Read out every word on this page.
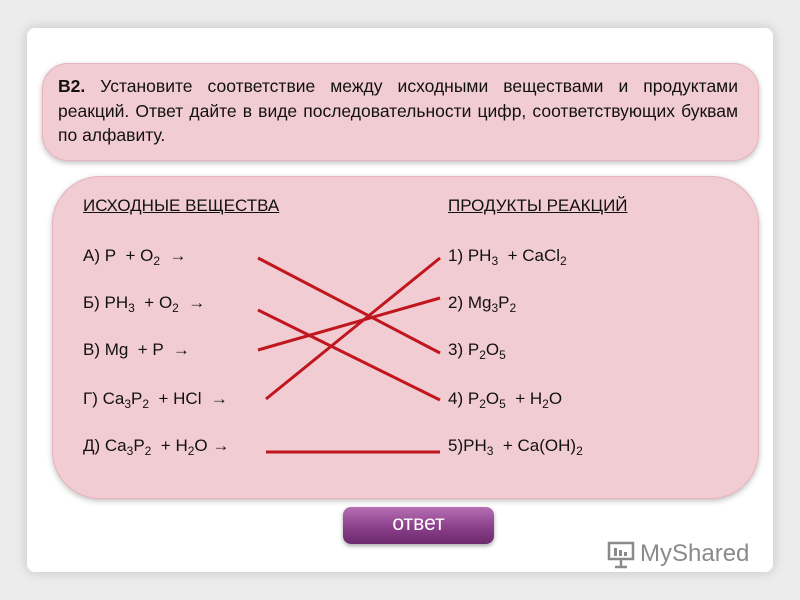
В2. Установите соответствие между исходными веществами и продуктами реакций. Ответ дайте в виде последовательности цифр, соответствующих буквам по алфавиту.
ИСХОДНЫЕ ВЕЩЕСТВА	ПРОДУКТЫ РЕАКЦИЙ
А) $P + O_2$  →
Б) $PH_3 + O_2$  →
В) Mg  + P  →
Г) $Ca_3P_2$  + HCl  →
Д) $Ca_3P_2 + H_2O$ →
1) $PH_3$  + CaCl$_2$
2) $Mg_3P_2$
3) $P_2O_5$
4) $P_2O_5 + H_2O$
$5)PH_3 + Ca(OH)_2$
ответ
MyShared
